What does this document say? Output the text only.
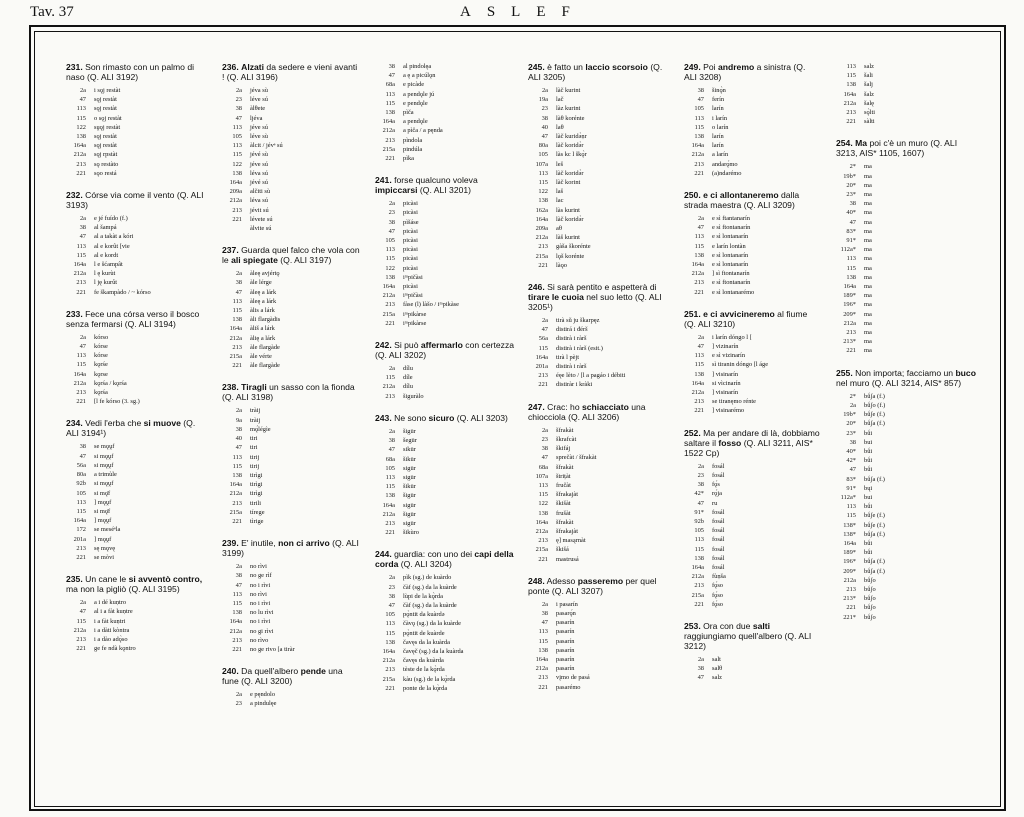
Tav. 37	ASLEF
231. Son rimasto con un palmo di naso (Q. ALI 3192)
2a	i sǫj restàt
47	sǫj restàt
113	sǫj restàt
115	o sǫj restàt
122	sṷǫj restàt
138	sǫj restàt
164a	sǫj restàt
212a	sǫj rpstàt
213	sǫ restàto
221	sǫo restá
232. Córse via come il vento (Q. ALI 3193)
2a	e jé fuído (f.)
38	al šampá
47	al a takàt a kóri
113	al e korût [vie
115	al e kordt
164a	l e šćampât
212a	l ę kurùt
213	l ję kurůt
221	fe škampàdo / ~ kórso
233. Fece una córsa verso il bosco senza fermarsi (Q. ALI 3194)
2a	kórso
47	kórse
113	kórse
115	kǫrśe
164a	kǫrse
212a	kǫrśa / kǫrśa
213	kǫrśa
221	[l fe kórso (3. sg.)
234. Vedi l'erba che si muove (Q. ALI 3194¹)
38	se mǫṷf
47	si mǫṷf
56a	si mǫṷf
80a	a trimùle
92b	si mǫṷf
105	si mǫ̈f
113	] mǫṷf
115	si mǫ̈f
164a	] mǫṷf
172	se meséᵉla
201a	] mǫṷf
213	sę mǫvę
221	se mòvi
235. Un cane le si avventò contro, ma non la pigliò (Q. ALI 3195)
2a	a i dé kuṇtro
47	al i a fàt kuṇtre
115	i a fàt kuṇtri
212a	i a dàti kòntra
213	i a dào adǫ̀so
221	ge fe ndà kǫntro
236. Alzati da sedere e vieni avanti ! (Q. ALI 3196)
2a	jéva sù
23	léve sú
38	àlθete
47	ljéva
113	jéve sú
105	léve sù
113	àlcit / jévᵉ sú
115	jévé sù
122	jéve sú
138	léva sú
164a	jévé sú
209a	alčiti sù
212a	léva sú
213	jévit sú
221	lévete sú
àlvite sú
237. Guarda quel falco che vola con le ali spiegate (Q. ALI 3197)
2a	àleę avjértǫ
38	àle lérge
47	àleę a lárk
113	àleę a lárk
115	àlis a lárk
138	àli flargàdis
164a	àliš a lárk
212a	àlię a lárk
213	àle flargàde
215a	àle vérte
221	àle flargàde
238. Tiragli un sasso con la fionda (Q. ALI 3198)
2a	tràij
9a	tràij
38	mǫ́légìe
40	tiri
47	tiri
113	tirij
115	tirij
138	tirìgi
164a	tirìgi
212a	tirìgi
213	tirili
215a	tírege
221	tìrige
239. E' inutile, non ci arrivo (Q. ALI 3199)
2a	no rìvi
38	no ge rìf
47	no i rìvi
113	no rìvi
115	no i rìvi
138	no lu rìvi
164a	no i rìvi
212a	no gi rìvi
213	no rìvo
221	no ge rivo [a tiràr
240. Da quell'albero pende una fune (Q. ALI 3200)
2a	e pęndolo
23	a pindulęe
38	al pindolęa
47	a ę a picúlǫn
68a	e picàde
113	a pendǫle jú
115	e pendǫle
138	pìča
164a	a pendǫle
212a	a pìča / a pęnda
213	pìndola
215a	pindúla
221	pìka
241. forse qualcuno voleva impiccarsi (Q. ALI 3201)
2a	picàsi
23	picàsi
38	pìšáse
47	picàsi
105	picàsi
113	picàsi
115	picàsi
122	picàsi
138	iᵐpičàsi
164a	picàsi
212a	iᵐpičàsi
213	fàse (l) làšo / iᵐpikàse
215a	iᵐpikàrse
221	iᵐpikàrse
242. Si può affermarlo con certezza (Q. ALI 3202)
2a	dílu
115	díle
212a	dílu
213	šiguràlo
243. Ne sono sicuro (Q. ALI 3203)
2a	šigūr
38	šegūr
47	sikūr
68a	šikūr
105	sigūr
113	sigūr
115	šikūr
138	šigūr
164a	sigūr
212a	šigūr
213	sigūr
221	šikùro
244. guardia: con uno dei capi della corda (Q. ALI 3204)
2a	pìk (sg.) de kuàrdo
23	čàf (sg.) da la kuàrde
38	lùpi de la kǫ̀rda
47	čàf (sg.) da la kuàrde
105	pǫ̀ntit da kuàrdǝ
113	čàvǫ (sg.) da la kuàrde
115	pǫ̀ntit de kuàrde
138	čavęs da la kuàrda
164a	čavęč (sg.) da la kuàrda
212a	čavęs da kuàrda
213	tèste de la kǫ̀rda
215a	kàu (sg.) de la kǫ̀rda
221	ponte de la kǫ̀rda
245. è fatto un laccio scorsoio (Q. ALI 3205)
2a	làč kurint
19a	lač
23	làz kurint
38	làθ korénte
40	laθ
47	làč kuridǝ̀ṇr
80a	làč koridǝ̀r
105	làs kc l škǫ̀r
107a	leš
113	làč koridǝ̀r
115	làč korint
122	laš
138	lac
162a	làs kurint
164a	làč koridǝ̀r
209a	aθ
212a	làš kurint
213	gàša škorénte
215a	lǫš korénte
221	làǫo
246. Si sarà pentito e aspetterà di tirare le cuoia nel suo letto (Q. ALI 3205¹)
2a	tirà sǔ ju škarpęz
47	distirá i đérš
56a	distirà i ràrš
115	distirà i ràrš (esit.)
164a	tirà l pèjt
201a	distirà i ràrš
213	éęe lèto / [l a pagáo i débiti
221	distiràr i kràki
247. Crac: ho schiacciato una chiocciola (Q. ALI 3206)
2a	šfrakàt
23	škrafcàt
38	škifáj
47	sprečàt / šfrakàt
68a	šfrakàt
107a	štrițàt
113	fručàt
115	šfrakajàt
122	škišàt
138	frušàt
164a	šfrakàt
212a	šfrakajàt
213	ę] masąrnàt
215a	škišá
221	mastrusá
248. Adesso passeremo per quel ponte (Q. ALI 3207)
2a	i pasarín
38	pasarǫ́n
47	pasarín
113	pasarín
115	pasarín
138	pasarín
164a	pasarín
212a	pasarín
213	vįmo de pasá
221	pasarémo
249. Poi andremo a sinistra (Q. ALI 3208)
38	šinǫ̀n
47	ferín
105	larín
113	i larín
115	o larín
138	larín
164a	larín
212a	a larín
213	andarǫ́mo
221	(a)ndarémo
250. e ci allontaneremo dalla strada maestra (Q. ALI 3209)
2a	e sì ftantanarín
47	e sì ftontanarín
113	e sì lontanarín
115	e larín lontàn
138	e sì lontanarín
164a	e sì lontanarín
212a	] sì ftontanarín
213	e sì ftontanarín
221	e sì lontanarémo
251. e ci avvicineremo al fiume (Q. ALI 3210)
2a	i larín dóngo l [
47	] vizinarín
113	e sì vizinarín
115	sì tiranin dóngo [l áge
138	] visinarín
164a	si vìcinarín
212a	] visinarín
213	se tiranęmo rénte
221	] visinarémo
252. Ma per andare di là, dobbiamo saltare il fosso (Q. ALI 3211, AIS* 1522 Cp)
2a	fosál
23	fosál
38	fǫ́s
42*	rǫ́ja
47	ru
91*	fosál
92b	fosál
105	fosál
113	fosál
115	fosál
138	fosál
164a	fosál
212a	fùṇša
213	fǫ́so
215a	fǫ́so
221	fǫ́so
253. Ora con due salti raggiungiamo quell'albero (Q. ALI 3212)
2a	salt
38	salθ
47	salz
113	salz
115	šali
138	šalj
164a	šalz
212a	šalę
213	sǫ̀lti
221	sàlti
254. Ma poi c'è un muro (Q. ALI 3213, AIS* 1105, 1607)
2*	ma
19b*	ma
20*	ma
23*	ma
38	ma
40*	ma
47	ma
83*	ma
91*	ma
112a*	ma
113	ma
115	ma
138	ma
164a	ma
189*	ma
196*	ma
209*	ma
212a	ma
213	ma
213*	ma
221	ma
255. Non importa; facciamo un buco nel muro (Q. ALI 3214, AIS* 857)
2*	bǘʃa (f.)
2a	bǘʃo (f.)
19b*	bǘʃe (f.)
20*	bǘʃa (f.)
23*	bǘi
38	bui
40*	bǘi
42*	bǘi
47	bǘi
83*	bǘʃa (f.)
91*	bųi
112a*	bui
113	bǘi
115	bǘʃe (f.)
138*	bǘʃe (f.)
138*	bǘʃa (f.)
164a	bǘi
189*	bǘi
196*	bǘʃa (f.)
209*	bǘʃa (f.)
212a	bǘʃo
213	bǘʃo
213*	bǘʃo
221	bǘʃo
221*	bǘʃo
